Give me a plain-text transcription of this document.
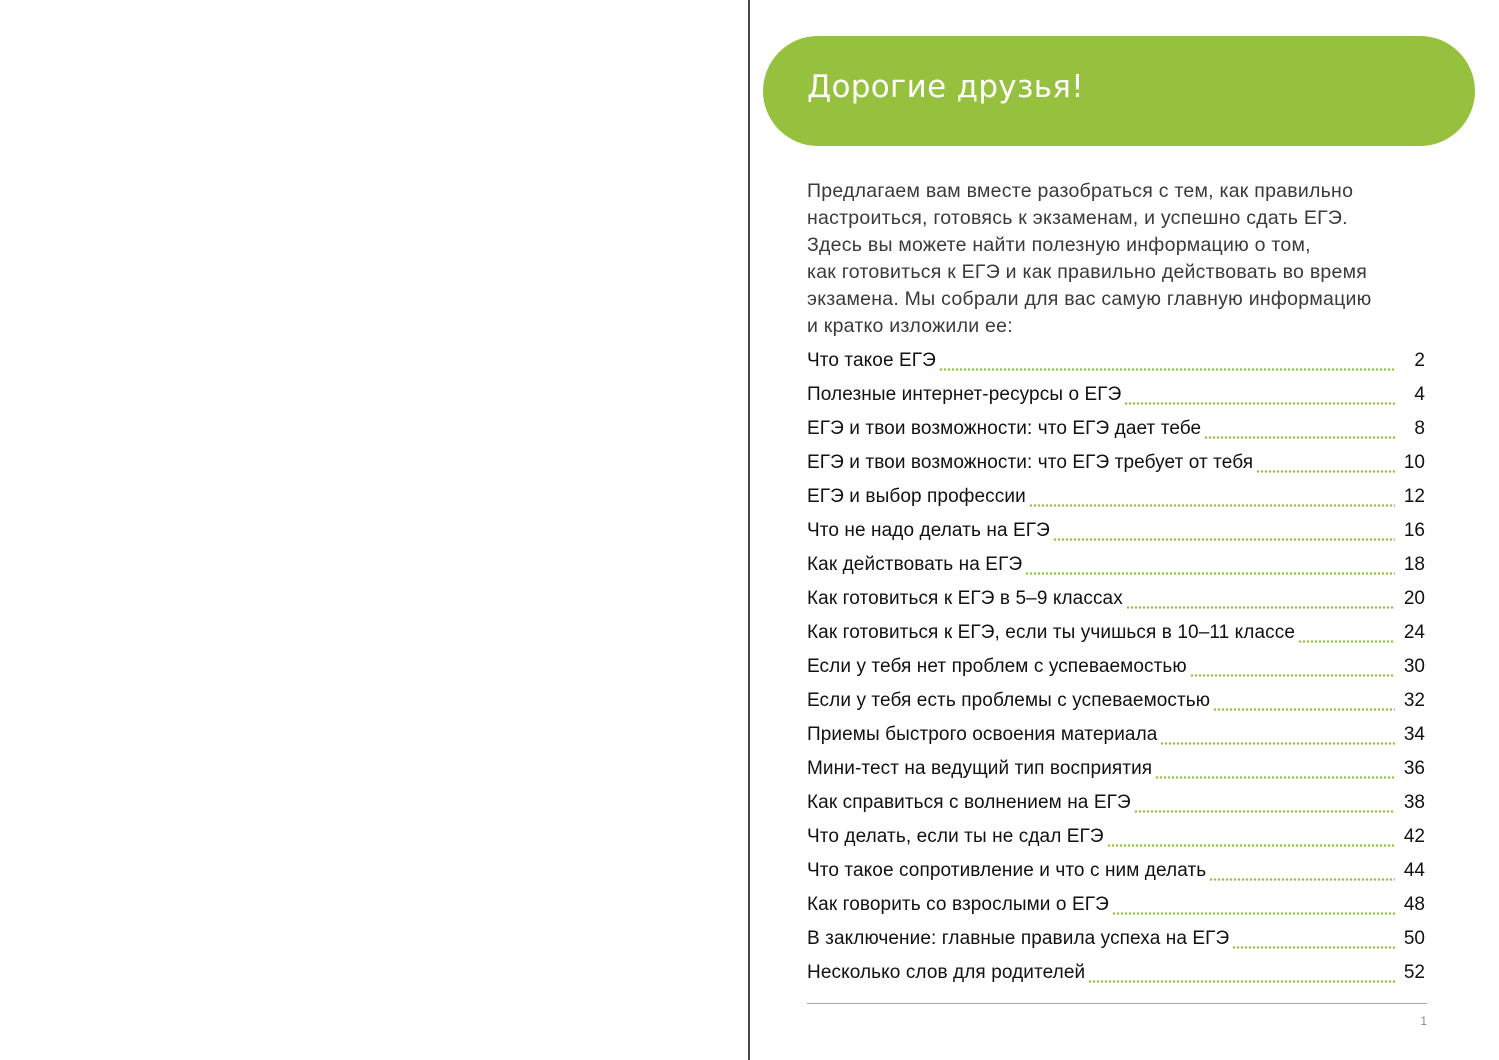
Дорогие друзья!
Предлагаем вам вместе разобраться с тем, как правильно
настроиться, готовясь к экзаменам, и успешно сдать ЕГЭ.
Здесь вы можете найти полезную информацию о том,
как готовиться к ЕГЭ и как правильно действовать во время
экзамена. Мы собрали для вас самую главную информацию
и кратко изложили ее:
Что такое ЕГЭ	2
Полезные интернет-ресурсы о ЕГЭ	4
ЕГЭ и твои возможности: что ЕГЭ дает тебе	8
ЕГЭ и твои возможности: что ЕГЭ требует от тебя	10
ЕГЭ и выбор профессии	12
Что не надо делать на ЕГЭ	16
Как действовать на ЕГЭ	18
Как готовиться к ЕГЭ в 5–9 классах	20
Как готовиться к ЕГЭ, если ты учишься в 10–11 классе	24
Если у тебя нет проблем с успеваемостью	30
Если у тебя есть проблемы с успеваемостью	32
Приемы быстрого освоения материала	34
Мини-тест на ведущий тип восприятия	36
Как справиться с волнением на ЕГЭ	38
Что делать, если ты не сдал ЕГЭ	42
Что такое сопротивление и что с ним делать	44
Как говорить со взрослыми о ЕГЭ	48
В заключение: главные правила успеха на ЕГЭ	50
Несколько слов для родителей	52
1
